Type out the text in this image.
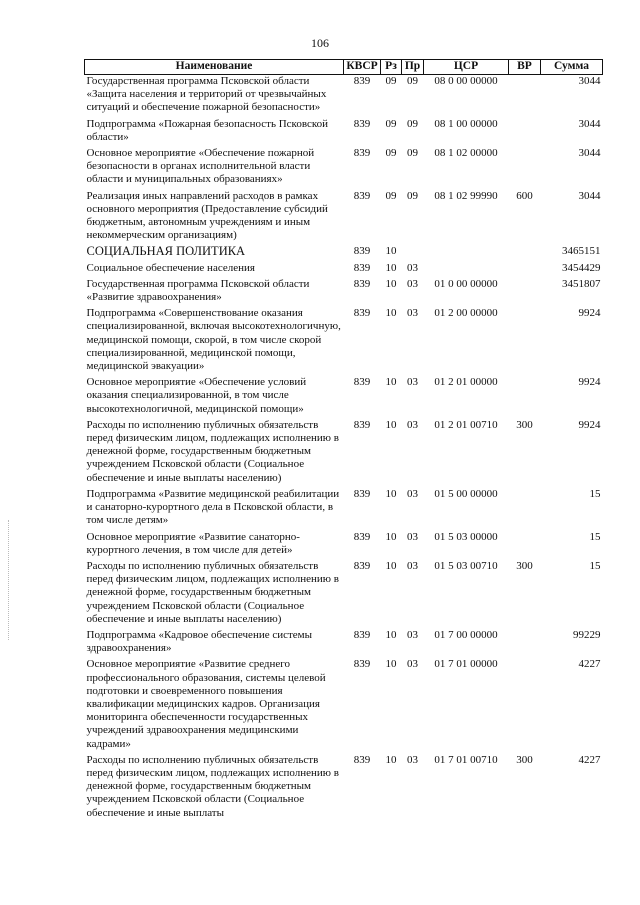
106
Наименование	КВСР	Рз	Пр	ЦСР	ВР	Сумма
Государственная программа Псковской области «Защита населения и территорий от чрезвычайных ситуаций и обеспечение пожарной безопасности»	839	09	09	08 0 00 00000		3044
Подпрограмма «Пожарная безопасность Псковской области»	839	09	09	08 1 00 00000		3044
Основное мероприятие «Обеспечение пожарной безопасности в органах исполнительной власти области и муниципальных образованиях»	839	09	09	08 1 02 00000		3044
Реализация иных направлений расходов в рамках основного мероприятия (Предоставление субсидий бюджетным, автономным учреждениям и иным некоммерческим организациям)	839	09	09	08 1 02 99990	600	3044
СОЦИАЛЬНАЯ ПОЛИТИКА	839	10				3465151
Социальное обеспечение населения	839	10	03			3454429
Государственная программа Псковской области «Развитие здравоохранения»	839	10	03	01 0 00 00000		3451807
Подпрограмма «Совершенствование оказания специализированной, включая высокотехнологичную, медицинской помощи, скорой, в том числе скорой специализированной, медицинской помощи, медицинской эвакуации»	839	10	03	01 2 00 00000		9924
Основное мероприятие «Обеспечение условий оказания специализированной, в том числе высокотехнологичной, медицинской помощи»	839	10	03	01 2 01 00000		9924
Расходы по исполнению публичных обязательств перед физическим лицом, подлежащих исполнению в денежной форме, государственным бюджетным учреждением Псковской области (Социальное обеспечение и иные выплаты населению)	839	10	03	01 2 01 00710	300	9924
Подпрограмма «Развитие медицинской реабилитации и санаторно-курортного дела в Псковской области, в том числе детям»	839	10	03	01 5 00 00000		15
Основное мероприятие «Развитие санаторно-курортного лечения, в том числе для детей»	839	10	03	01 5 03 00000		15
Расходы по исполнению публичных обязательств перед физическим лицом, подлежащих исполнению в денежной форме, государственным бюджетным учреждением Псковской области (Социальное обеспечение и иные выплаты населению)	839	10	03	01 5 03 00710	300	15
Подпрограмма «Кадровое обеспечение системы здравоохранения»	839	10	03	01 7 00 00000		99229
Основное мероприятие «Развитие среднего профессионального образования, системы целевой подготовки и своевременного повышения квалификации медицинских кадров. Организация мониторинга обеспеченности государственных учреждений здравоохранения медицинскими кадрами»	839	10	03	01 7 01 00000		4227
Расходы по исполнению публичных обязательств перед физическим лицом, подлежащих исполнению в денежной форме, государственным бюджетным учреждением Псковской области (Социальное обеспечение и иные выплаты	839	10	03	01 7 01 00710	300	4227
